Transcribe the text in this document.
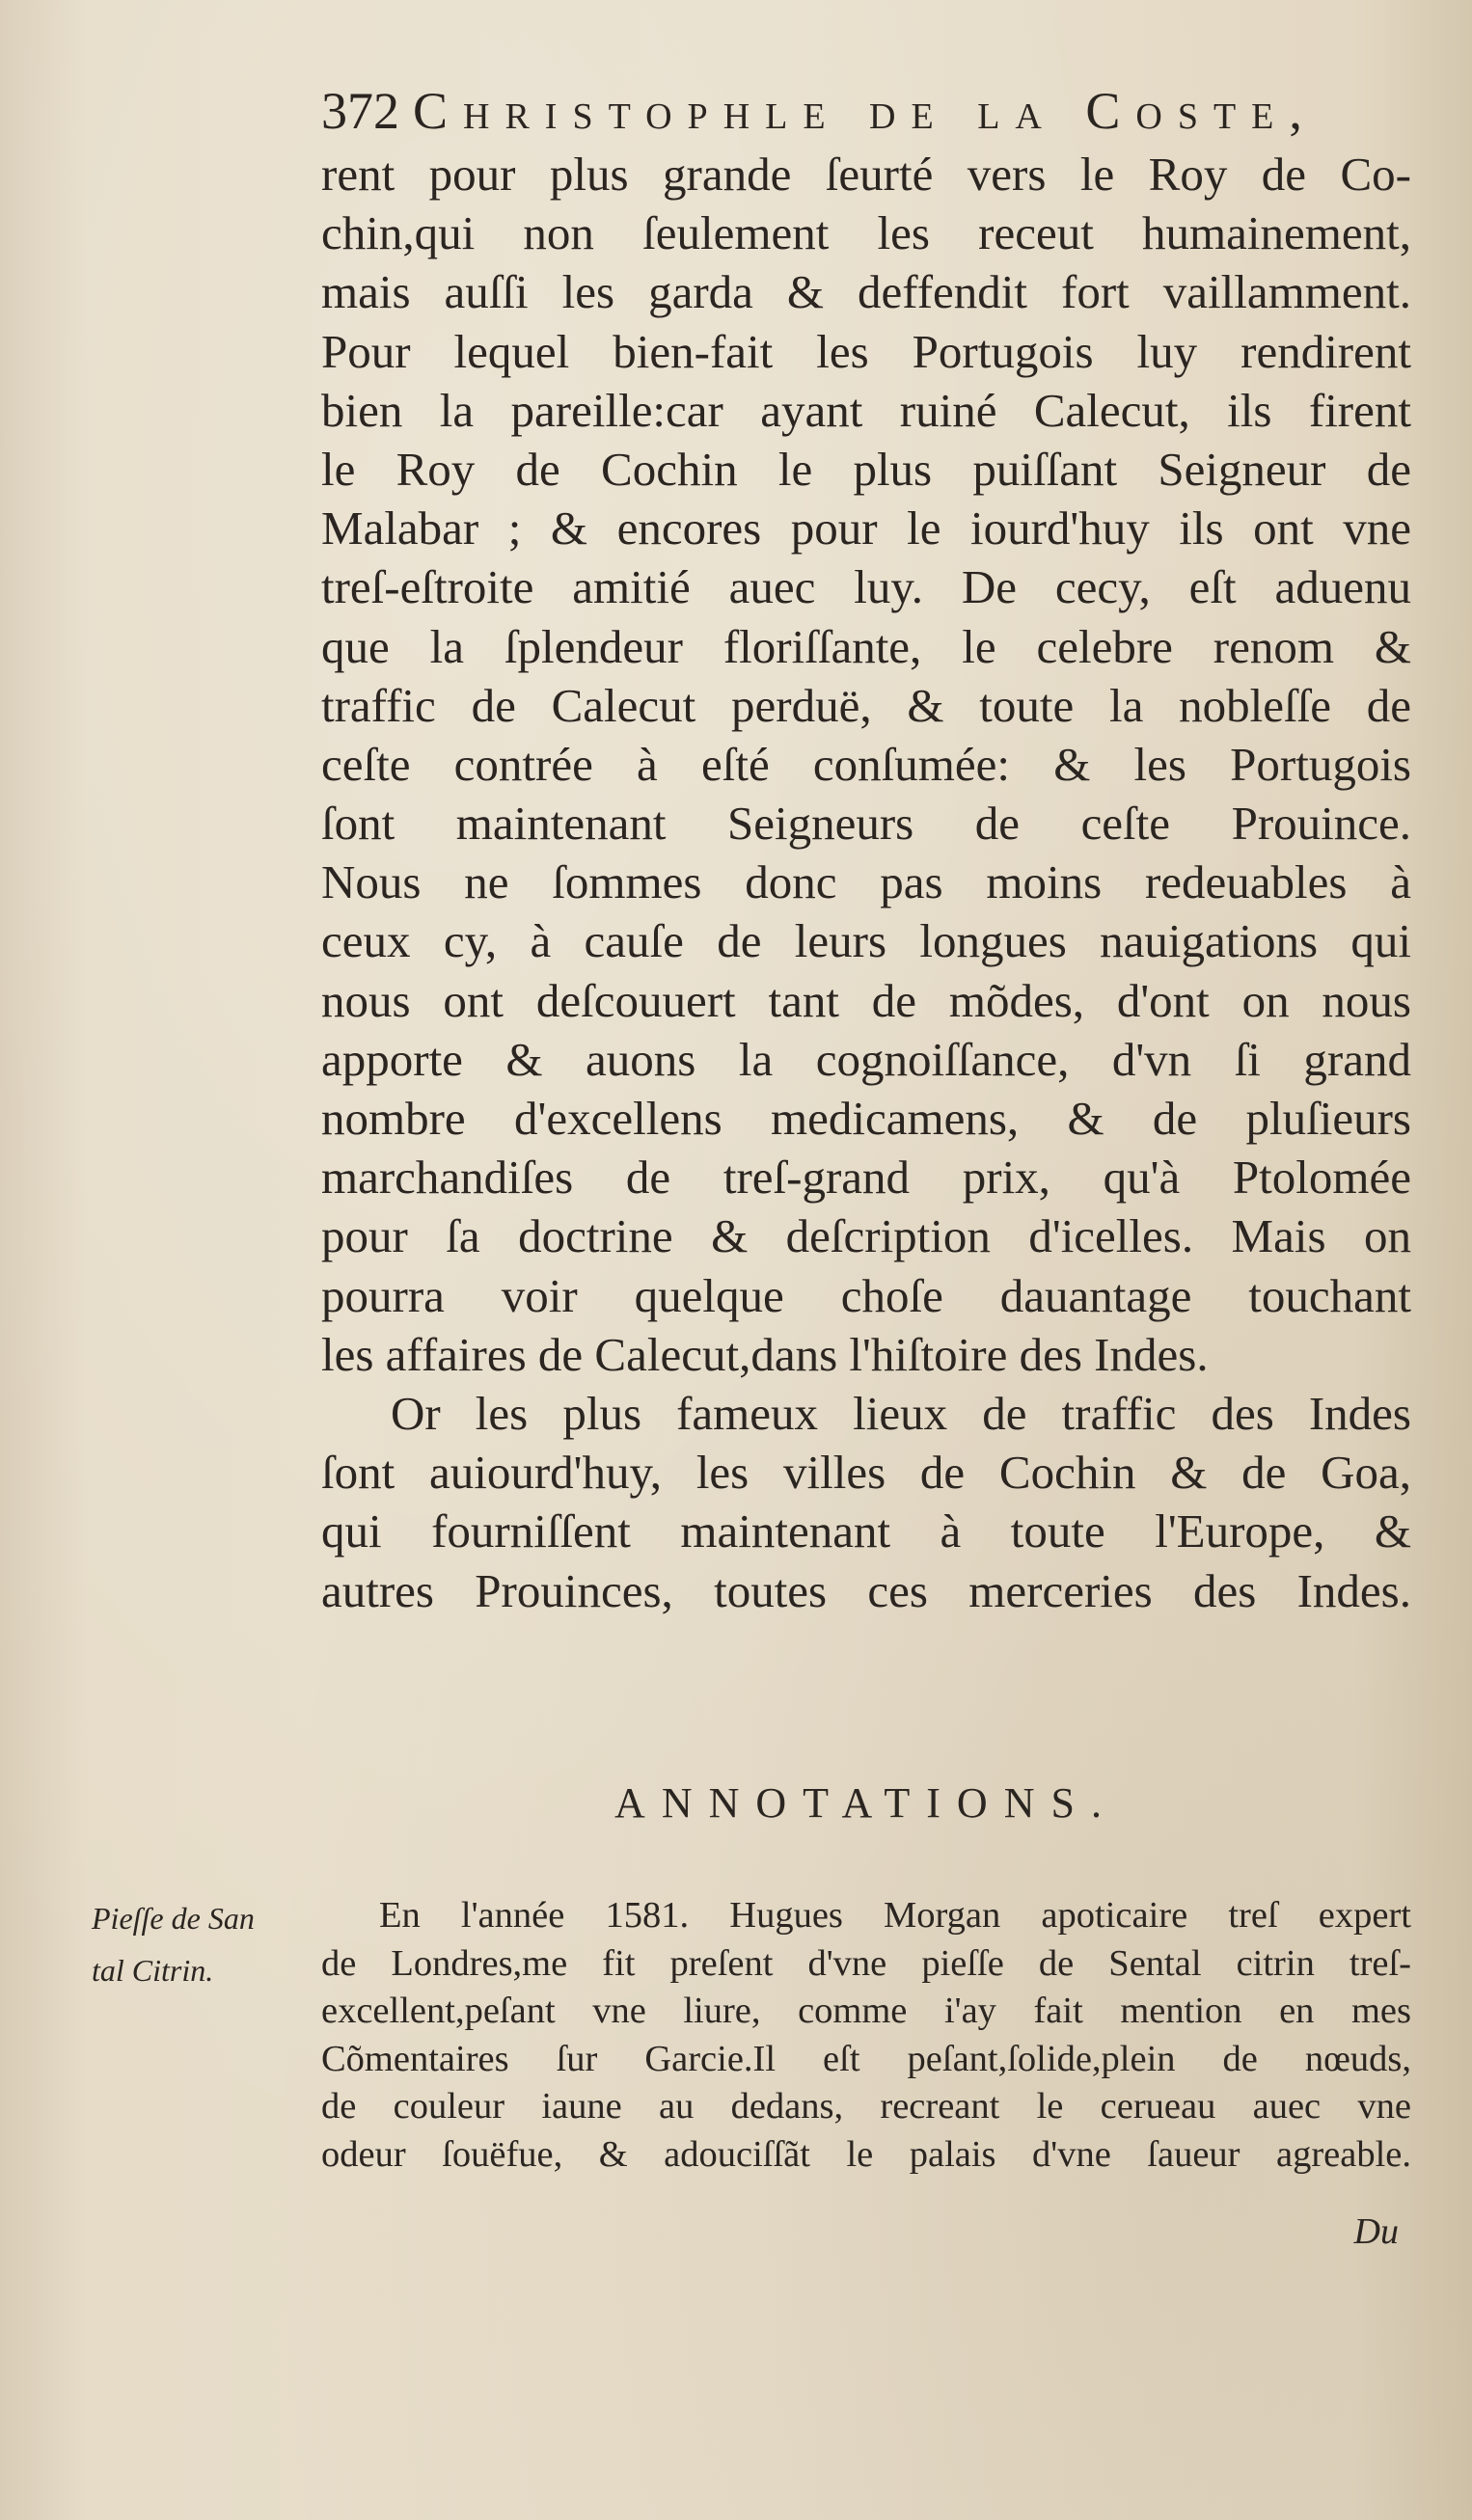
372 Christophle de la Coste,
rent pour plus grande ſeurté vers le Roy de Co-
chin,qui non ſeulement les receut humainement,
mais auſſi les garda & deffendit fort vaillamment.
Pour lequel bien-fait les Portugois luy rendirent
bien la pareille:car ayant ruiné Calecut, ils firent
le Roy de Cochin le plus puiſſant Seigneur de
Malabar ; & encores pour le iourd'huy ils ont vne
treſ-eſtroite amitié auec luy. De cecy, eſt aduenu
que la ſplendeur floriſſante, le celebre renom &
traffic de Calecut perduë, & toute la nobleſſe de
ceſte contrée à eſté conſumée: & les Portugois
ſont maintenant Seigneurs de ceſte Prouince.
Nous ne ſommes donc pas moins redeuables à
ceux cy, à cauſe de leurs longues nauigations qui
nous ont deſcouuert tant de mõdes, d'ont on nous
apporte & auons la cognoiſſance, d'vn ſi grand
nombre d'excellens medicamens, & de pluſieurs
marchandiſes de treſ-grand prix, qu'à Ptolomée
pour ſa doctrine & deſcription d'icelles. Mais on
pourra voir quelque choſe dauantage touchant
les affaires de Calecut,dans l'hiſtoire des Indes.
Or les plus fameux lieux de traffic des Indes
ſont auiourd'huy, les villes de Cochin & de Goa,
qui fourniſſent maintenant à toute l'Europe, &
autres Prouinces, toutes ces merceries des Indes.
ANNOTATIONS.
Pieſſe de San
tal Citrin.
En l'année 1581. Hugues Morgan apoticaire treſ expert
de Londres,me fit preſent d'vne pieſſe de Sental citrin treſ-
excellent,peſant vne liure, comme i'ay fait mention en mes
Cõmentaires ſur Garcie.Il eſt peſant,ſolide,plein de nœuds,
de couleur iaune au dedans, recreant le cerueau auec vne
odeur ſouëfue, & adouciſſãt le palais d'vne ſaueur agreable.
Du
